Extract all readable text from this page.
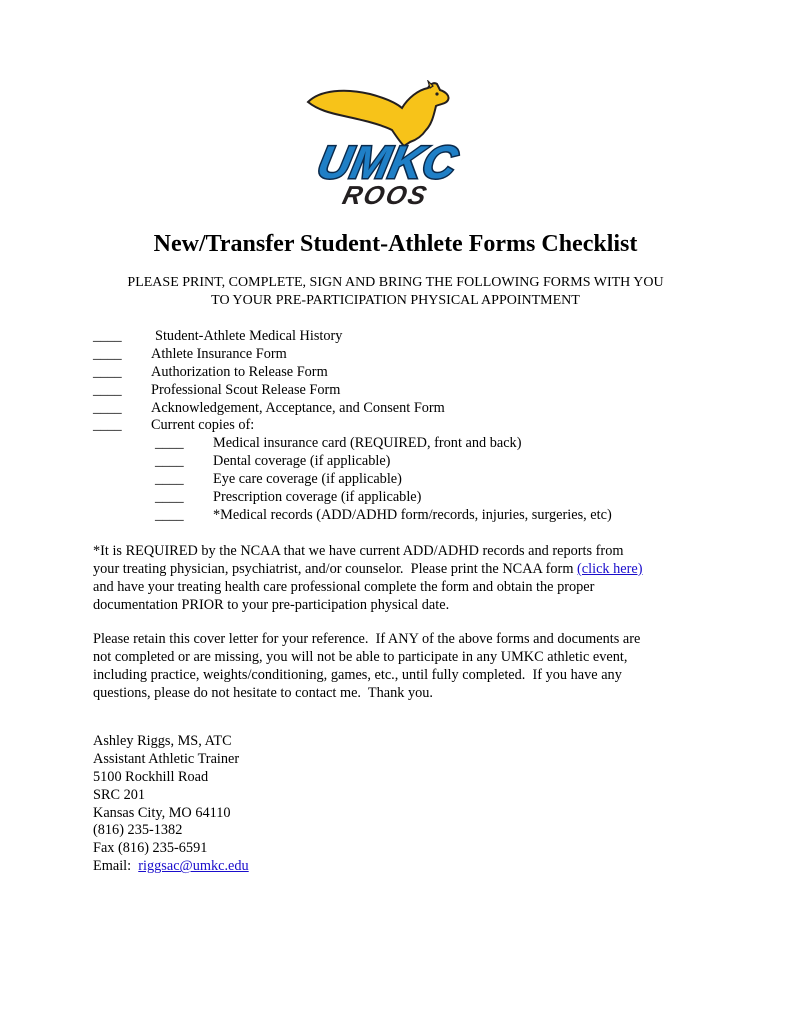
UMKC
ROOS
New/Transfer Student-Athlete Forms Checklist
PLEASE PRINT, COMPLETE, SIGN AND BRING THE FOLLOWING FORMS WITH YOU
TO YOUR PRE-PARTICIPATION PHYSICAL APPOINTMENT
____ Student-Athlete Medical History
____ Athlete Insurance Form
____ Authorization to Release Form
____ Professional Scout Release Form
____ Acknowledgement, Acceptance, and Consent Form
____ Current copies of:
____ Medical insurance card (REQUIRED, front and back)
____ Dental coverage (if applicable)
____ Eye care coverage (if applicable)
____ Prescription coverage (if applicable)
____ *Medical records (ADD/ADHD form/records, injuries, surgeries, etc)
*It is REQUIRED by the NCAA that we have current ADD/ADHD records and reports from
your treating physician, psychiatrist, and/or counselor.  Please print the NCAA form (click here)
and have your treating health care professional complete the form and obtain the proper
documentation PRIOR to your pre-participation physical date.
Please retain this cover letter for your reference.  If ANY of the above forms and documents are
not completed or are missing, you will not be able to participate in any UMKC athletic event,
including practice, weights/conditioning, games, etc., until fully completed.  If you have any
questions, please do not hesitate to contact me.  Thank you.
Ashley Riggs, MS, ATC
Assistant Athletic Trainer
5100 Rockhill Road
SRC 201
Kansas City, MO 64110
(816) 235-1382
Fax (816) 235-6591
Email:  riggsac@umkc.edu
